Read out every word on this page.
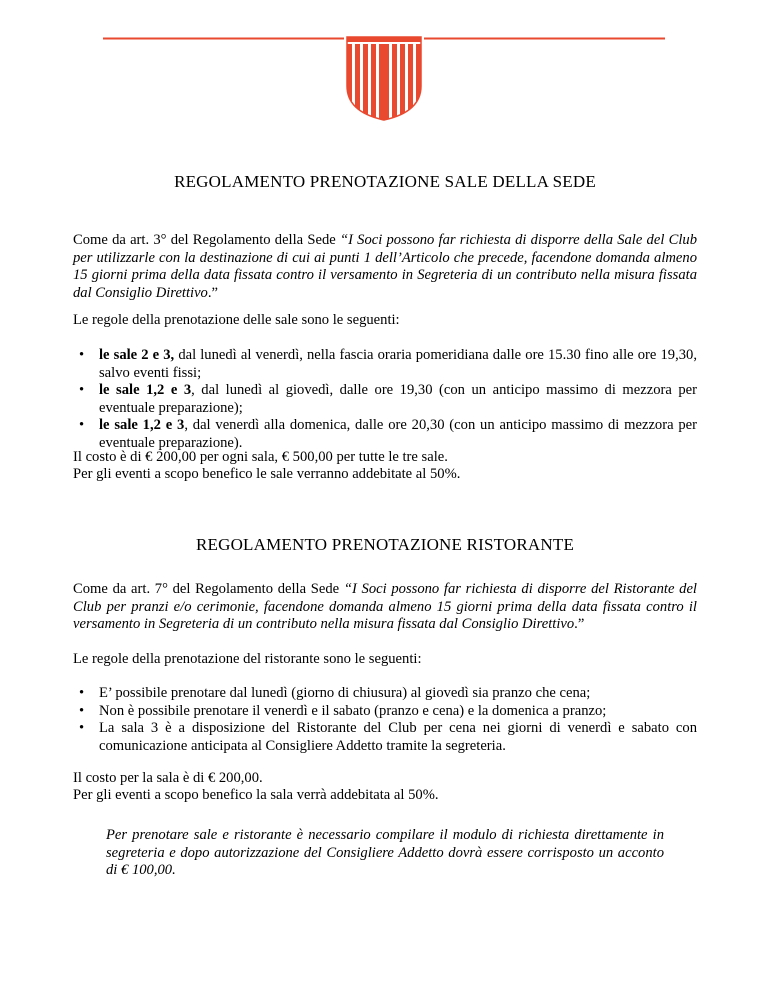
REGOLAMENTO PRENOTAZIONE SALE DELLA SEDE

Come da art. 3° del Regolamento della Sede “I Soci possono far richiesta di disporre della Sale del Club per utilizzarle con la destinazione di cui ai punti 1 dell’Articolo che precede, facendone domanda almeno 15 giorni prima della data fissata contro il versamento in Segreteria di un contributo nella misura fissata dal Consiglio Direttivo.”

Le regole della prenotazione delle sale sono le seguenti:

• le sale 2 e 3, dal lunedì al venerdì, nella fascia oraria pomeridiana dalle ore 15.30 fino alle ore 19,30, salvo eventi fissi;
• le sale 1,2 e 3, dal lunedì al giovedì, dalle ore 19,30 (con un anticipo massimo di mezzora per eventuale preparazione);
• le sale 1,2 e 3, dal venerdì alla domenica, dalle ore 20,30 (con un anticipo massimo di mezzora per eventuale preparazione).

Il costo è di € 200,00 per ogni sala, € 500,00 per tutte le tre sale.

Per gli eventi a scopo benefico le sale verranno addebitate al 50%.

REGOLAMENTO PRENOTAZIONE RISTORANTE

Come da art. 7° del Regolamento della Sede “I Soci possono far richiesta di disporre del Ristorante del Club per pranzi e/o cerimonie, facendone domanda almeno 15 giorni prima della data fissata contro il versamento in Segreteria di un contributo nella misura fissata dal Consiglio Direttivo.”

Le regole della prenotazione del ristorante sono le seguenti:

• E’ possibile prenotare dal lunedì (giorno di chiusura) al giovedì sia pranzo che cena;
• Non è possibile prenotare il venerdì e il sabato (pranzo e cena) e la domenica a pranzo;
• La sala 3 è a disposizione del Ristorante del Club per cena nei giorni di venerdì e sabato con comunicazione anticipata al Consigliere Addetto tramite la segreteria.

Il costo per la sala è di € 200,00.

Per gli eventi a scopo benefico la sala verrà addebitata al 50%.

Per prenotare sale e ristorante è necessario compilare il modulo di richiesta direttamente in segreteria e dopo autorizzazione del Consigliere Addetto dovrà essere corrisposto un acconto di € 100,00.
